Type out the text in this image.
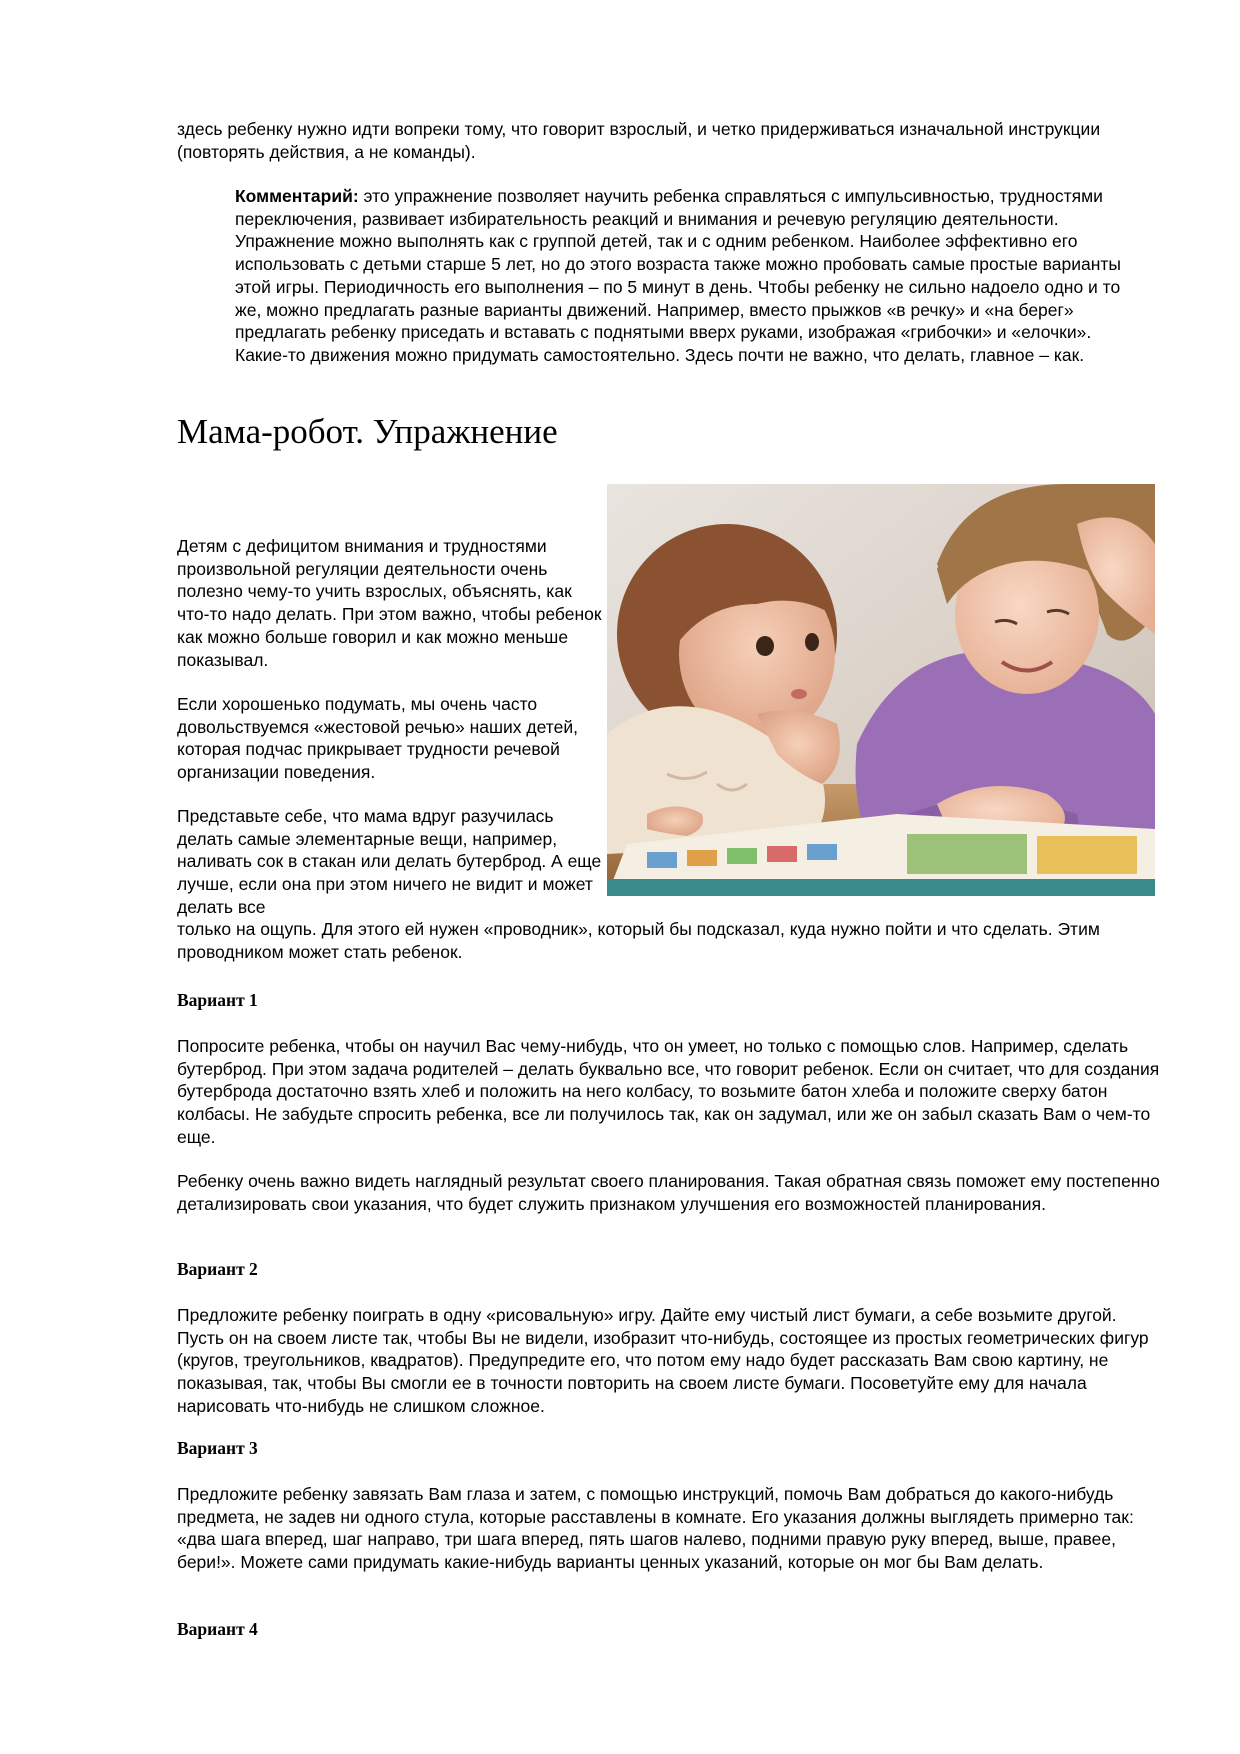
здесь ребенку нужно идти вопреки тому, что говорит взрослый, и четко придерживаться изначальной инструкции (повторять действия, а не команды).

Комментарий: это упражнение позволяет научить ребенка справляться с импульсивностью, трудностями переключения, развивает избирательность реакций и внимания и речевую регуляцию деятельности. Упражнение можно выполнять как с группой детей, так и с одним ребенком. Наиболее эффективно его использовать с детьми старше 5 лет, но до этого возраста также можно пробовать самые простые варианты этой игры. Периодичность его выполнения – по 5 минут в день. Чтобы ребенку не сильно надоело одно и то же, можно предлагать разные варианты движений. Например, вместо прыжков «в речку» и «на берег» предлагать ребенку приседать и вставать с поднятыми вверх руками, изображая «грибочки» и «елочки». Какие-то движения можно придумать самостоятельно. Здесь почти не важно, что делать, главное – как.

Мама-робот. Упражнение

Детям с дефицитом внимания и трудностями произвольной регуляции деятельности очень полезно чему-то учить взрослых, объяснять, как что-то надо делать. При этом важно, чтобы ребенок как можно больше говорил и как можно меньше показывал.

Если хорошенько подумать, мы очень часто довольствуемся «жестовой речью» наших детей, которая подчас прикрывает трудности речевой организации поведения.

Представьте себе, что мама вдруг разучилась делать самые элементарные вещи, например, наливать сок в стакан или делать бутерброд. А еще лучше, если она при этом ничего не видит и может делать все

только на ощупь. Для этого ей нужен «проводник», который бы подсказал, куда нужно пойти и что сделать. Этим проводником может стать ребенок.

Вариант 1

Попросите ребенка, чтобы он научил Вас чему-нибудь, что он умеет, но только с помощью слов. Например, сделать бутерброд. При этом задача родителей – делать буквально все, что говорит ребенок. Если он считает, что для создания бутерброда достаточно взять хлеб и положить на него колбасу, то возьмите батон хлеба и положите сверху батон колбасы. Не забудьте спросить ребенка, все ли получилось так, как он задумал, или же он забыл сказать Вам о чем-то еще.

Ребенку очень важно видеть наглядный результат своего планирования. Такая обратная связь поможет ему постепенно детализировать свои указания, что будет служить признаком улучшения его возможностей планирования.

Вариант 2

Предложите ребенку поиграть в одну «рисовальную» игру. Дайте ему чистый лист бумаги, а себе возьмите другой. Пусть он на своем листе так, чтобы Вы не видели, изобразит что-нибудь, состоящее из простых геометрических фигур (кругов, треугольников, квадратов). Предупредите его, что потом ему надо будет рассказать Вам свою картину, не показывая, так, чтобы Вы смогли ее в точности повторить на своем листе бумаги. Посоветуйте ему для начала нарисовать что-нибудь не слишком сложное.

Вариант 3

Предложите ребенку завязать Вам глаза и затем, с помощью инструкций, помочь Вам добраться до какого-нибудь предмета, не задев ни одного стула, которые расставлены в комнате. Его указания должны выглядеть примерно так: «два шага вперед, шаг направо, три шага вперед, пять шагов налево, подними правую руку вперед, выше, правее, бери!». Можете сами придумать какие-нибудь варианты ценных указаний, которые он мог бы Вам делать.

Вариант 4
